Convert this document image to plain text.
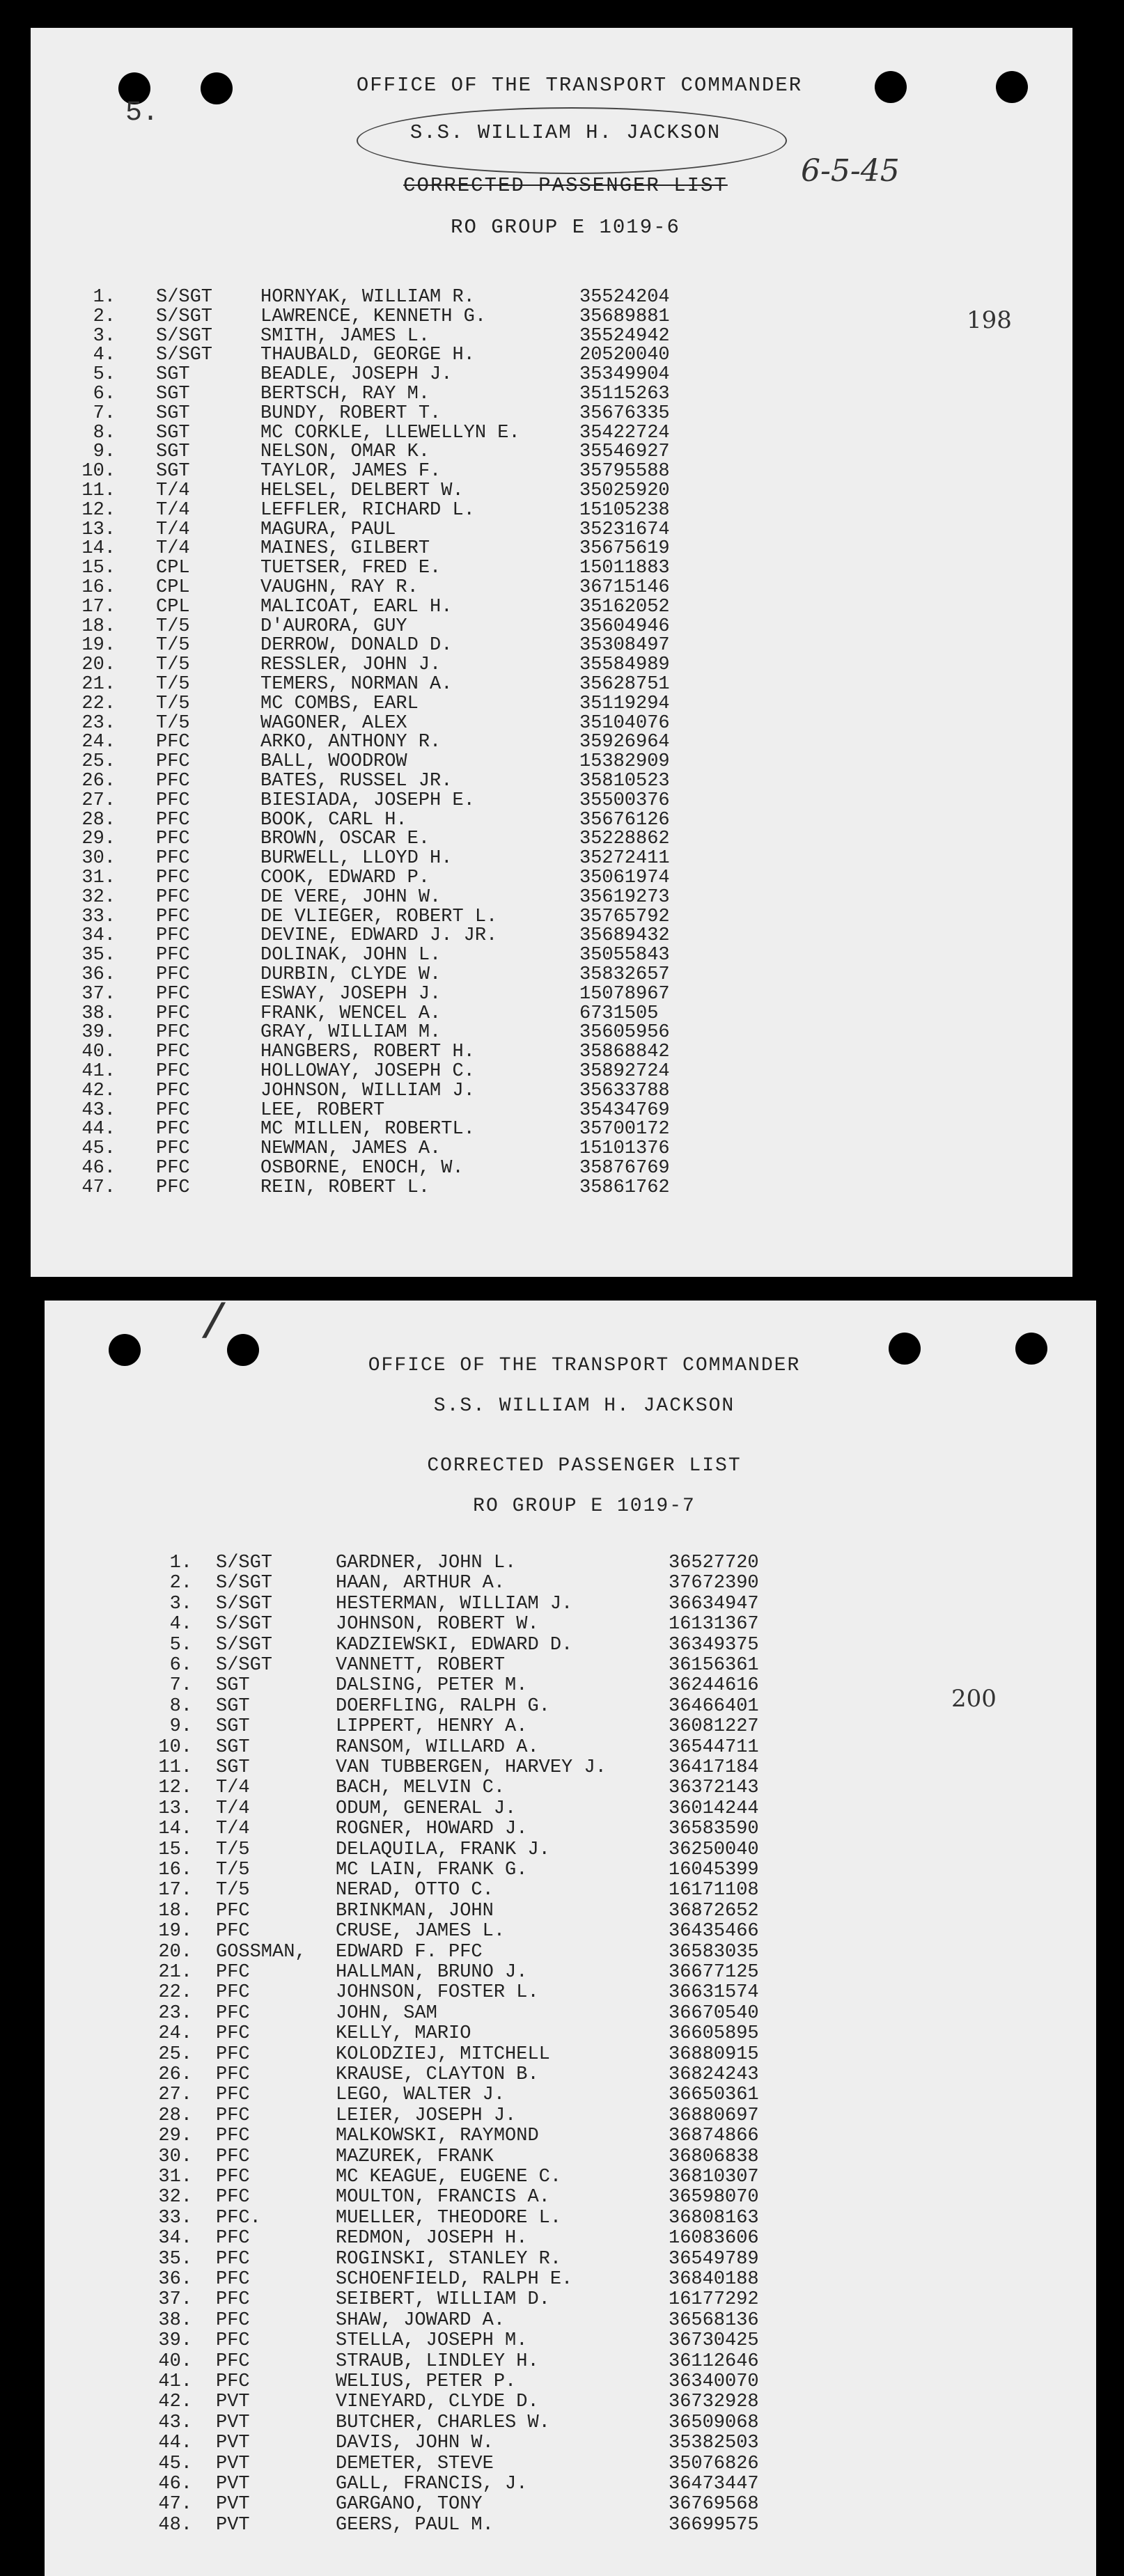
5.
OFFICE OF THE TRANSPORT COMMANDER
S.S. WILLIAM H. JACKSON
CORRECTED PASSENGER LIST
RO GROUP E 1019-6
6-5-45
198
1. S/SGT	HORNYAK, WILLIAM R.	35524204
2. S/SGT	LAWRENCE, KENNETH G.	35689881
3. S/SGT	SMITH, JAMES L.	35524942
4. S/SGT	THAUBALD, GEORGE H.	20520040
5. SGT	BEADLE, JOSEPH J.	35349904
6. SGT	BERTSCH, RAY M.	35115263
7. SGT	BUNDY, ROBERT T.	35676335
8. SGT	MC CORKLE, LLEWELLYN E.	35422724
9. SGT	NELSON, OMAR K.	35546927
10. SGT	TAYLOR, JAMES F.	35795588
11. T/4	HELSEL, DELBERT W.	35025920
12. T/4	LEFFLER, RICHARD L.	15105238
13. T/4	MAGURA, PAUL	35231674
14. T/4	MAINES, GILBERT	35675619
15. CPL	TUETSER, FRED E.	15011883
16. CPL	VAUGHN, RAY R.	36715146
17. CPL	MALICOAT, EARL H.	35162052
18. T/5	D'AURORA, GUY	35604946
19. T/5	DERROW, DONALD D.	35308497
20. T/5	RESSLER, JOHN J.	35584989
21. T/5	TEMERS, NORMAN A.	35628751
22. T/5	MC COMBS, EARL	35119294
23. T/5	WAGONER, ALEX	35104076
24. PFC	ARKO, ANTHONY R.	35926964
25. PFC	BALL, WOODROW	15382909
26. PFC	BATES, RUSSEL JR.	35810523
27. PFC	BIESIADA, JOSEPH E.	35500376
28. PFC	BOOK, CARL H.	35676126
29. PFC	BROWN, OSCAR E.	35228862
30. PFC	BURWELL, LLOYD H.	35272411
31. PFC	COOK, EDWARD P.	35061974
32. PFC	DE VERE, JOHN W.	35619273
33. PFC	DE VLIEGER, ROBERT L.	35765792
34. PFC	DEVINE, EDWARD J. JR.	35689432
35. PFC	DOLINAK, JOHN L.	35055843
36. PFC	DURBIN, CLYDE W.	35832657
37. PFC	ESWAY, JOSEPH J.	15078967
38. PFC	FRANK, WENCEL A.	6731505
39. PFC	GRAY, WILLIAM M.	35605956
40. PFC	HANGBERS, ROBERT H.	35868842
41. PFC	HOLLOWAY, JOSEPH C.	35892724
42. PFC	JOHNSON, WILLIAM J.	35633788
43. PFC	LEE, ROBERT	35434769
44. PFC	MC MILLEN, ROBERTL.	35700172
45. PFC	NEWMAN, JAMES A.	15101376
46. PFC	OSBORNE, ENOCH, W.	35876769
47. PFC	REIN, ROBERT L.	35861762
/
OFFICE OF THE TRANSPORT COMMANDER
S.S. WILLIAM H. JACKSON
CORRECTED PASSENGER LIST
RO GROUP E 1019-7
200
1. S/SGT	GARDNER, JOHN L.	36527720
2. S/SGT	HAAN, ARTHUR A.	37672390
3. S/SGT	HESTERMAN, WILLIAM J.	36634947
4. S/SGT	JOHNSON, ROBERT W.	16131367
5. S/SGT	KADZIEWSKI, EDWARD D.	36349375
6. S/SGT	VANNETT, ROBERT	36156361
7. SGT	DALSING, PETER M.	36244616
8. SGT	DOERFLING, RALPH G.	36466401
9. SGT	LIPPERT, HENRY A.	36081227
10. SGT	RANSOM, WILLARD A.	36544711
11. SGT	VAN TUBBERGEN, HARVEY J.	36417184
12. T/4	BACH, MELVIN C.	36372143
13. T/4	ODUM, GENERAL J.	36014244
14. T/4	ROGNER, HOWARD J.	36583590
15. T/5	DELAQUILA, FRANK J.	36250040
16. T/5	MC LAIN, FRANK G.	16045399
17. T/5	NERAD, OTTO C.	16171108
18. PFC	BRINKMAN, JOHN	36872652
19. PFC	CRUSE, JAMES L.	36435466
20. GOSSMAN,	EDWARD F. PFC	36583035
21. PFC	HALLMAN, BRUNO J.	36677125
22. PFC	JOHNSON, FOSTER L.	36631574
23. PFC	JOHN, SAM	36670540
24. PFC	KELLY, MARIO	36605895
25. PFC	KOLODZIEJ, MITCHELL	36880915
26. PFC	KRAUSE, CLAYTON B.	36824243
27. PFC	LEGO, WALTER J.	36650361
28. PFC	LEIER, JOSEPH J.	36880697
29. PFC	MALKOWSKI, RAYMOND	36874866
30. PFC	MAZUREK, FRANK	36806838
31. PFC	MC KEAGUE, EUGENE C.	36810307
32. PFC	MOULTON, FRANCIS A.	36598070
33. PFC.	MUELLER, THEODORE L.	36808163
34. PFC	REDMON, JOSEPH H.	16083606
35. PFC	ROGINSKI, STANLEY R.	36549789
36. PFC	SCHOENFIELD, RALPH E.	36840188
37. PFC	SEIBERT, WILLIAM D.	16177292
38. PFC	SHAW, JOWARD A.	36568136
39. PFC	STELLA, JOSEPH M.	36730425
40. PFC	STRAUB, LINDLEY H.	36112646
41. PFC	WELIUS, PETER P.	36340070
42. PVT	VINEYARD, CLYDE D.	36732928
43. PVT	BUTCHER, CHARLES W.	36509068
44. PVT	DAVIS, JOHN W.	35382503
45. PVT	DEMETER, STEVE	35076826
46. PVT	GALL, FRANCIS, J.	36473447
47. PVT	GARGANO, TONY	36769568
48. PVT	GEERS, PAUL M.	36699575
